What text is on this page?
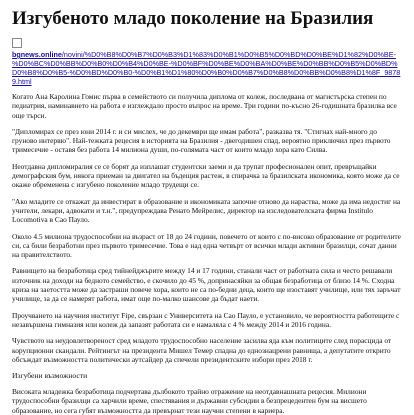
Изгубеното младо поколение на Бразилия
bgnews.online/novini/%D0%B8%D0%B7%D0%B3%D1%83%D0%B1%D0%B5%D0%BD%D0%BE%D1%82%D0%BE-%D0%BC%D0%BB%D0%B0%D0%B4%D0%BE-%D0%BF%D0%BE%D0%BA%D0%BE%D0%BB%D0%B5%D0%BD%D0%B8%D0%B5-%D0%BD%D0%B0-%D0%B1%D1%80%D0%B0%D0%B7%D0%B8%D0%BB%D0%B8%D1%8F_98789.html

Когато Ана Каролина Гомис първа в семейството си получила диплома от колеж, последвана от магистърска степен по педиатрия, наминавнето на работа е изглеждало просто въпрос на време. Три години по-късно 26-годишната бразилка все още търси.

"Дипломирах се през юни 2014 г. и си мислех, че до декември ще имам работа", разказва тя. "Стигнах най-много до груново интервю". Най-тежката рецесия в историята на Бразилия - двегодишен спад, вероятно приключил през първото тримесечие - оставя без работа 14 милиона души, по-голямата част от които младо хора като Силва.

Неотдавна дипломиралия се се борят да изплашат студентски заеми и да трупат професионален опит, превръщайки демографския бум, някога приеман за двигател на бъдещия растеж, в спирачка за бразилската икономика, която може да се окаже обременена с изгубено поколение младо трудещи се.

"Ако младите се откажат да инвестират в образование и икономиката започне отново да нараства, може да има недостиг на учители, лекари, адвокати и т.н.", предупреждава Ренато Мейрелис, директор на изследователската фирма Institulo Locomotiva в Сао Пауло.

Около 4.5 милиона трудоспособни на възраст от 18 до 24 години, повечето от които с по-високо образование от родителите си, са били безработни през първото тримесечие. Това е над една четвърт от всички млади активни бразилци, сочат данни на правителството.

Равнището на безработица сред тийнейджърите между 14 и 17 години, станали част от работната сила и често решавали източник на доходи на бедното семейство, е скочило до 45 %, допринасяйки за общая безработица от близо 14 %. Сходна криза на заетостта може да застраши повече хора, които не са по-бедни деца, които ще изоставят училище, или тях заръчат училище, за да се намерят работа, имат още по-малко шансове да бъдат наети.

Проучването на научния институт Fipe, свързан с Университета на Сао Пауло, е установило, че вероятността работещите с незавършена гимназия или колеж да запазят работата си е намаляла с 4 % между 2014 и 2016 година.

Чувството на неудовлетвореност сред младото трудоспособно население засилва яда към политиците след порасцида от корупционни скандали. Рейтингът на президента Мишел Темер спадна до еднознацрени равнища, а депутатите открито обсъждат възможността политически аутсайдер да спечели президентските избори през 2018 г.

Изгубени възможности

Високата младежка безработица подчертава дълбокото трайно отражение на неотдавнашната рецесия. Милиони трудоспособни бразилци са харчили време, спестявания и държавни субсидии в безпрецедентен бум на висшето образование, но сега губят възможността да превърнат тези научни степени в кариера.
